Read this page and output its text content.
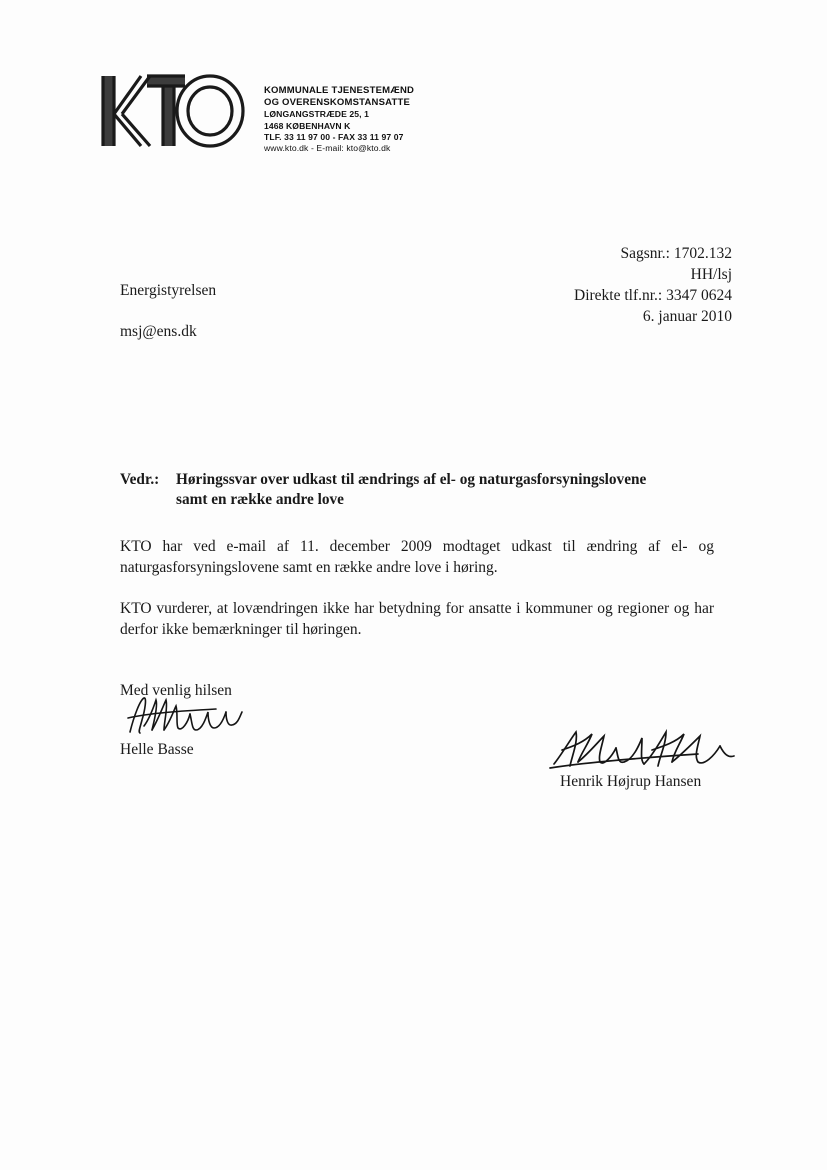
KOMMUNALE TJENESTEMÆND
OG OVERENSKOMSTANSATTE
LØNGANGSTRÆDE 25, 1
1468 KØBENHAVN K
TLF. 33 11 97 00 - FAX 33 11 97 07
www.kto.dk - E-mail: kto@kto.dk
Sagsnr.: 1702.132
HH/lsj
Direkte tlf.nr.: 3347 0624
6. januar 2010
Energistyrelsen
msj@ens.dk
Vedr.:	Høringssvar over udkast til ændrings af el- og naturgasforsyningslovene
samt en række andre love
KTO har ved e-mail af 11. december 2009 modtaget udkast til ændring af el- og naturgasforsyningslovene samt en række andre love i høring.
KTO vurderer, at lovændringen ikke har betydning for ansatte i kommuner og regioner og har derfor ikke bemærkninger til høringen.
Med venlig hilsen
Helle Basse
Henrik Højrup Hansen
